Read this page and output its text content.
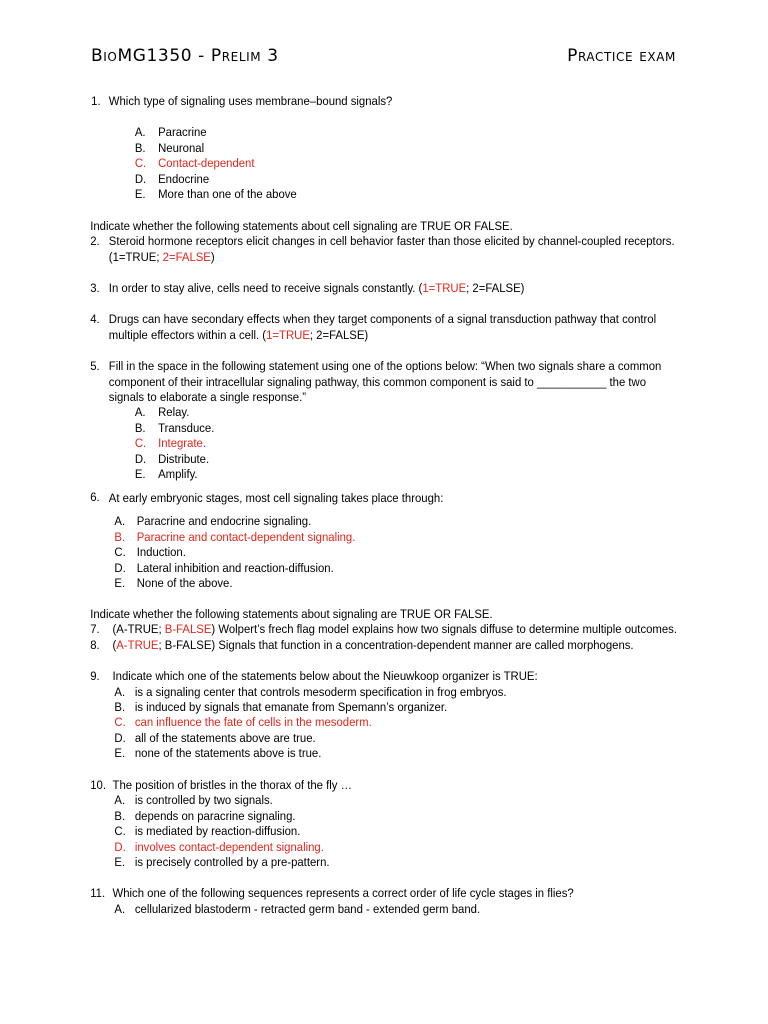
BioMG1350 - Prelim 3	Practice exam
1. Which type of signaling uses membrane–bound signals?
A. Paracrine
B. Neuronal
C. Contact-dependent
D. Endocrine
E. More than one of the above
Indicate whether the following statements about cell signaling are TRUE OR FALSE.
2. Steroid hormone receptors elicit changes in cell behavior faster than those elicited by channel-coupled receptors.
(1=TRUE; 2=FALSE)
3. In order to stay alive, cells need to receive signals constantly. (1=TRUE; 2=FALSE)
4. Drugs can have secondary effects when they target components of a signal transduction pathway that control
multiple effectors within a cell. (1=TRUE; 2=FALSE)
5. Fill in the space in the following statement using one of the options below: “When two signals share a common
component of their intracellular signaling pathway, this common component is said to ___________ the two
signals to elaborate a single response.”
A. Relay.
B. Transduce.
C. Integrate.
D. Distribute.
E. Amplify.
6. At early embryonic stages, most cell signaling takes place through:
A. Paracrine and endocrine signaling.
B. Paracrine and contact-dependent signaling.
C. Induction.
D. Lateral inhibition and reaction-diffusion.
E. None of the above.
Indicate whether the following statements about signaling are TRUE OR FALSE.
7. (A-TRUE; B-FALSE) Wolpert’s frech flag model explains how two signals diffuse to determine multiple outcomes.
8. (A-TRUE; B-FALSE) Signals that function in a concentration-dependent manner are called morphogens.
9. Indicate which one of the statements below about the Nieuwkoop organizer is TRUE:
A. is a signaling center that controls mesoderm specification in frog embryos.
B. is induced by signals that emanate from Spemann’s organizer.
C. can influence the fate of cells in the mesoderm.
D. all of the statements above are true.
E. none of the statements above is true.
10. The position of bristles in the thorax of the fly …
A. is controlled by two signals.
B. depends on paracrine signaling.
C. is mediated by reaction-diffusion.
D. involves contact-dependent signaling.
E. is precisely controlled by a pre-pattern.
11. Which one of the following sequences represents a correct order of life cycle stages in flies?
A. cellularized blastoderm - retracted germ band - extended germ band.
